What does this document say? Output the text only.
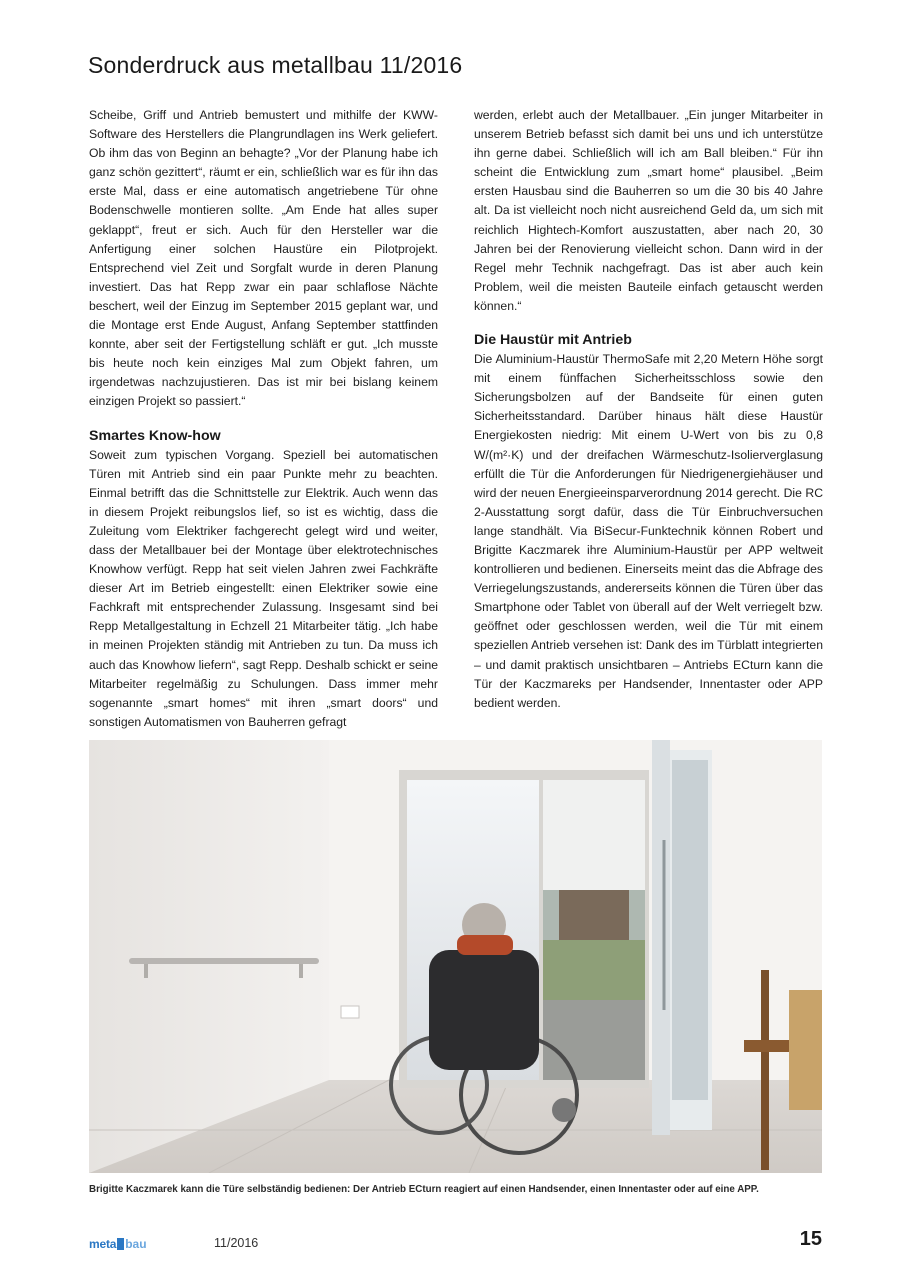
Sonderdruck aus metallbau 11/2016

Scheibe, Griff und Antrieb bemustert und mithilfe der KWW-Software des Herstellers die Plangrundlagen ins Werk geliefert. Ob ihm das von Beginn an behagte? „Vor der Planung habe ich ganz schön gezittert“, räumt er ein, schließlich war es für ihn das erste Mal, dass er eine automatisch angetriebene Tür ohne Bodenschwelle montieren sollte. „Am Ende hat alles super geklappt“, freut er sich. Auch für den Hersteller war die Anfertigung einer solchen Haustüre ein Pilotprojekt. Entsprechend viel Zeit und Sorgfalt wurde in deren Planung investiert. Das hat Repp zwar ein paar schlaflose Nächte beschert, weil der Einzug im September 2015 geplant war, und die Montage erst Ende August, Anfang September stattfinden konnte, aber seit der Fertigstellung schläft er gut. „Ich musste bis heute noch kein einziges Mal zum Objekt fahren, um irgendetwas nachzujustieren. Das ist mir bei bislang keinem einzigen Projekt so passiert.“

Smartes Know-how

Soweit zum typischen Vorgang. Speziell bei automatischen Türen mit Antrieb sind ein paar Punkte mehr zu beachten. Einmal betrifft das die Schnittstelle zur Elektrik. Auch wenn das in diesem Projekt reibungslos lief, so ist es wichtig, dass die Zuleitung vom Elektriker fachgerecht gelegt wird und weiter, dass der Metallbauer bei der Montage über elektrotechnisches Knowhow verfügt. Repp hat seit vielen Jahren zwei Fachkräfte dieser Art im Betrieb eingestellt: einen Elektriker sowie eine Fachkraft mit entsprechender Zulassung. Insgesamt sind bei Repp Metallgestaltung in Echzell 21 Mitarbeiter tätig. „Ich habe in meinen Projekten ständig mit Antrieben zu tun. Da muss ich auch das Knowhow liefern“, sagt Repp. Deshalb schickt er seine Mitarbeiter regelmäßig zu Schulungen. Dass immer mehr sogenannte „smart homes“ mit ihren „smart doors“ und sonstigen Automatismen von Bauherren gefragt

werden, erlebt auch der Metallbauer. „Ein junger Mitarbeiter in unserem Betrieb befasst sich damit bei uns und ich unterstütze ihn gerne dabei. Schließlich will ich am Ball bleiben.“ Für ihn scheint die Entwicklung zum „smart home“ plausibel. „Beim ersten Hausbau sind die Bauherren so um die 30 bis 40 Jahre alt. Da ist vielleicht noch nicht ausreichend Geld da, um sich mit reichlich Hightech-Komfort auszustatten, aber nach 20, 30 Jahren bei der Renovierung vielleicht schon. Dann wird in der Regel mehr Technik nachgefragt. Das ist aber auch kein Problem, weil die meisten Bauteile einfach getauscht werden können.“

Die Haustür mit Antrieb

Die Aluminium-Haustür ThermoSafe mit 2,20 Metern Höhe sorgt mit einem fünffachen Sicherheitsschloss sowie den Sicherungsbolzen auf der Bandseite für einen guten Sicherheitsstandard. Darüber hinaus hält diese Haustür Energiekosten niedrig: Mit einem U-Wert von bis zu 0,8 W/(m²·K) und der dreifachen Wärmeschutz-Isolierverglasung erfüllt die Tür die Anforderungen für Niedrigenergiehäuser und wird der neuen Energieeinsparverordnung 2014 gerecht. Die RC 2-Ausstattung sorgt dafür, dass die Tür Einbruchversuchen lange standhält. Via BiSecur-Funktechnik können Robert und Brigitte Kaczmarek ihre Aluminium-Haustür per APP weltweit kontrollieren und bedienen. Einerseits meint das die Abfrage des Verriegelungszustands, andererseits können die Türen über das Smartphone oder Tablet von überall auf der Welt verriegelt bzw. geöffnet oder geschlossen werden, weil die Tür mit einem speziellen Antrieb versehen ist: Dank des im Türblatt integrierten – und damit praktisch unsichtbaren – Antriebs ECturn kann die Tür der Kaczmareks per Handsender, Innentaster oder APP bedient werden.

Brigitte Kaczmarek kann die Türe selbständig bedienen: Der Antrieb ECturn reagiert auf einen Handsender, einen Innentaster oder auf eine APP.
meta bau	11/2016	15
